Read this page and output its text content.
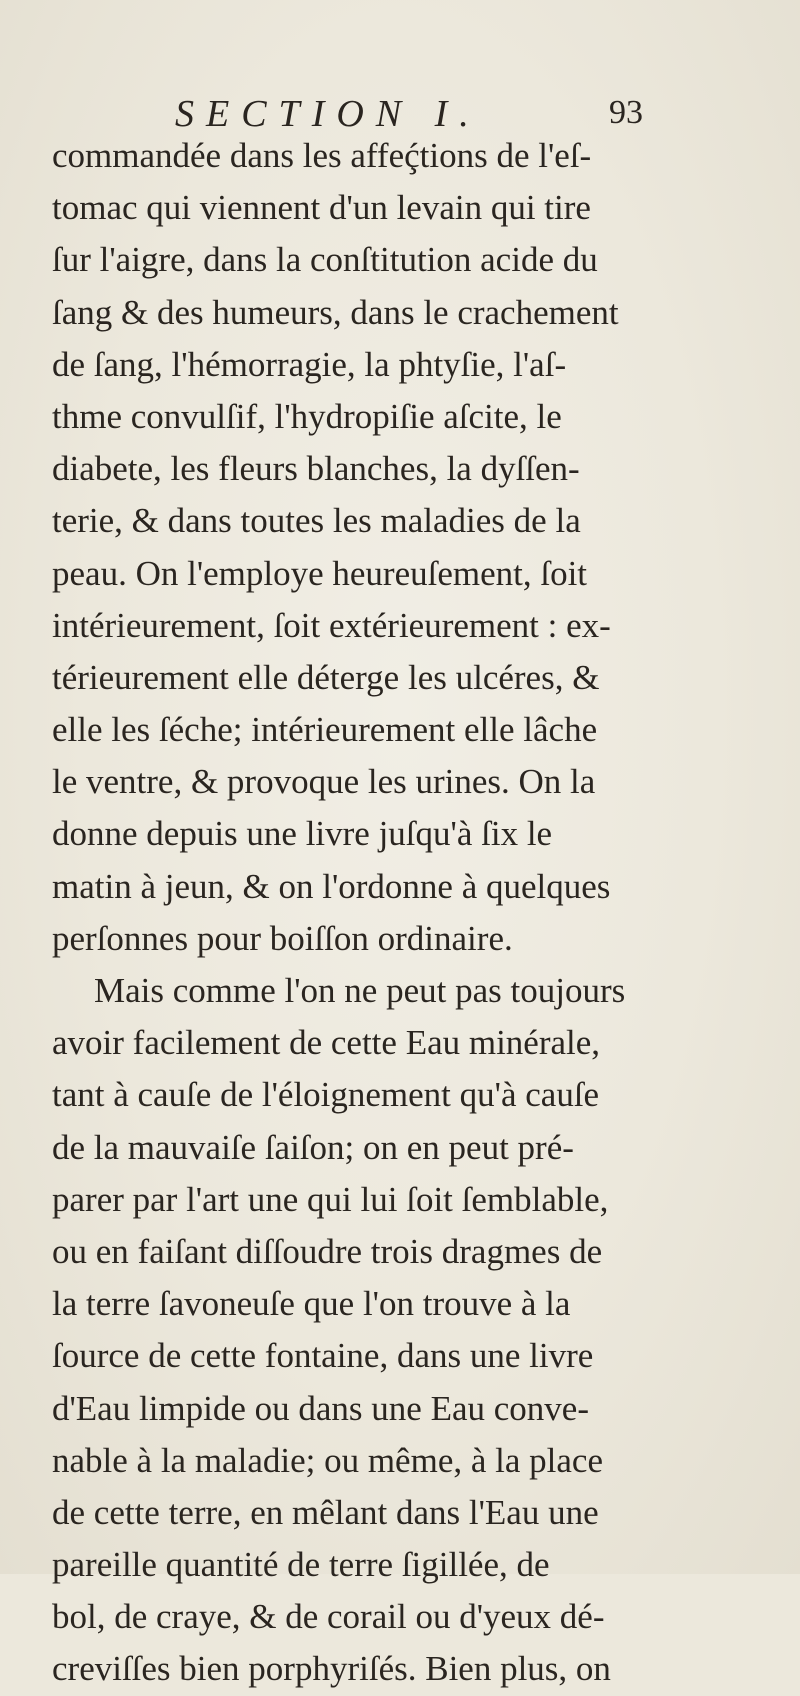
SECTION I.	93
commandée dans les affeḉtions de l'eſ-
tomac qui viennent d'un levain qui tire
ſur l'aigre, dans la conſtitution acide du
ſang & des humeurs, dans le crachement
de ſang, l'hémorragie, la phtyſie, l'aſ-
thme convulſif, l'hydropiſie aſcite, le
diabete, les fleurs blanches, la dyſſen-
terie, & dans toutes les maladies de la
peau. On l'employe heureuſement, ſoit
intérieurement, ſoit extérieurement : ex-
térieurement elle déterge les ulcéres, &
elle les ſéche; intérieurement elle lâche
le ventre, & provoque les urines. On la
donne depuis une livre juſqu'à ſix le
matin à jeun, & on l'ordonne à quelques
perſonnes pour boiſſon ordinaire.
Mais comme l'on ne peut pas toujours
avoir facilement de cette Eau minérale,
tant à cauſe de l'éloignement qu'à cauſe
de la mauvaiſe ſaiſon; on en peut pré-
parer par l'art une qui lui ſoit ſemblable,
ou en faiſant diſſoudre trois dragmes de
la terre ſavoneuſe que l'on trouve à la
ſource de cette fontaine, dans une livre
d'Eau limpide ou dans une Eau conve-
nable à la maladie; ou même, à la place
de cette terre, en mêlant dans l'Eau une
pareille quantité de terre ſigillée, de
bol, de craye, & de corail ou d'yeux dé-
creviſſes bien porphyriſés. Bien plus, on
